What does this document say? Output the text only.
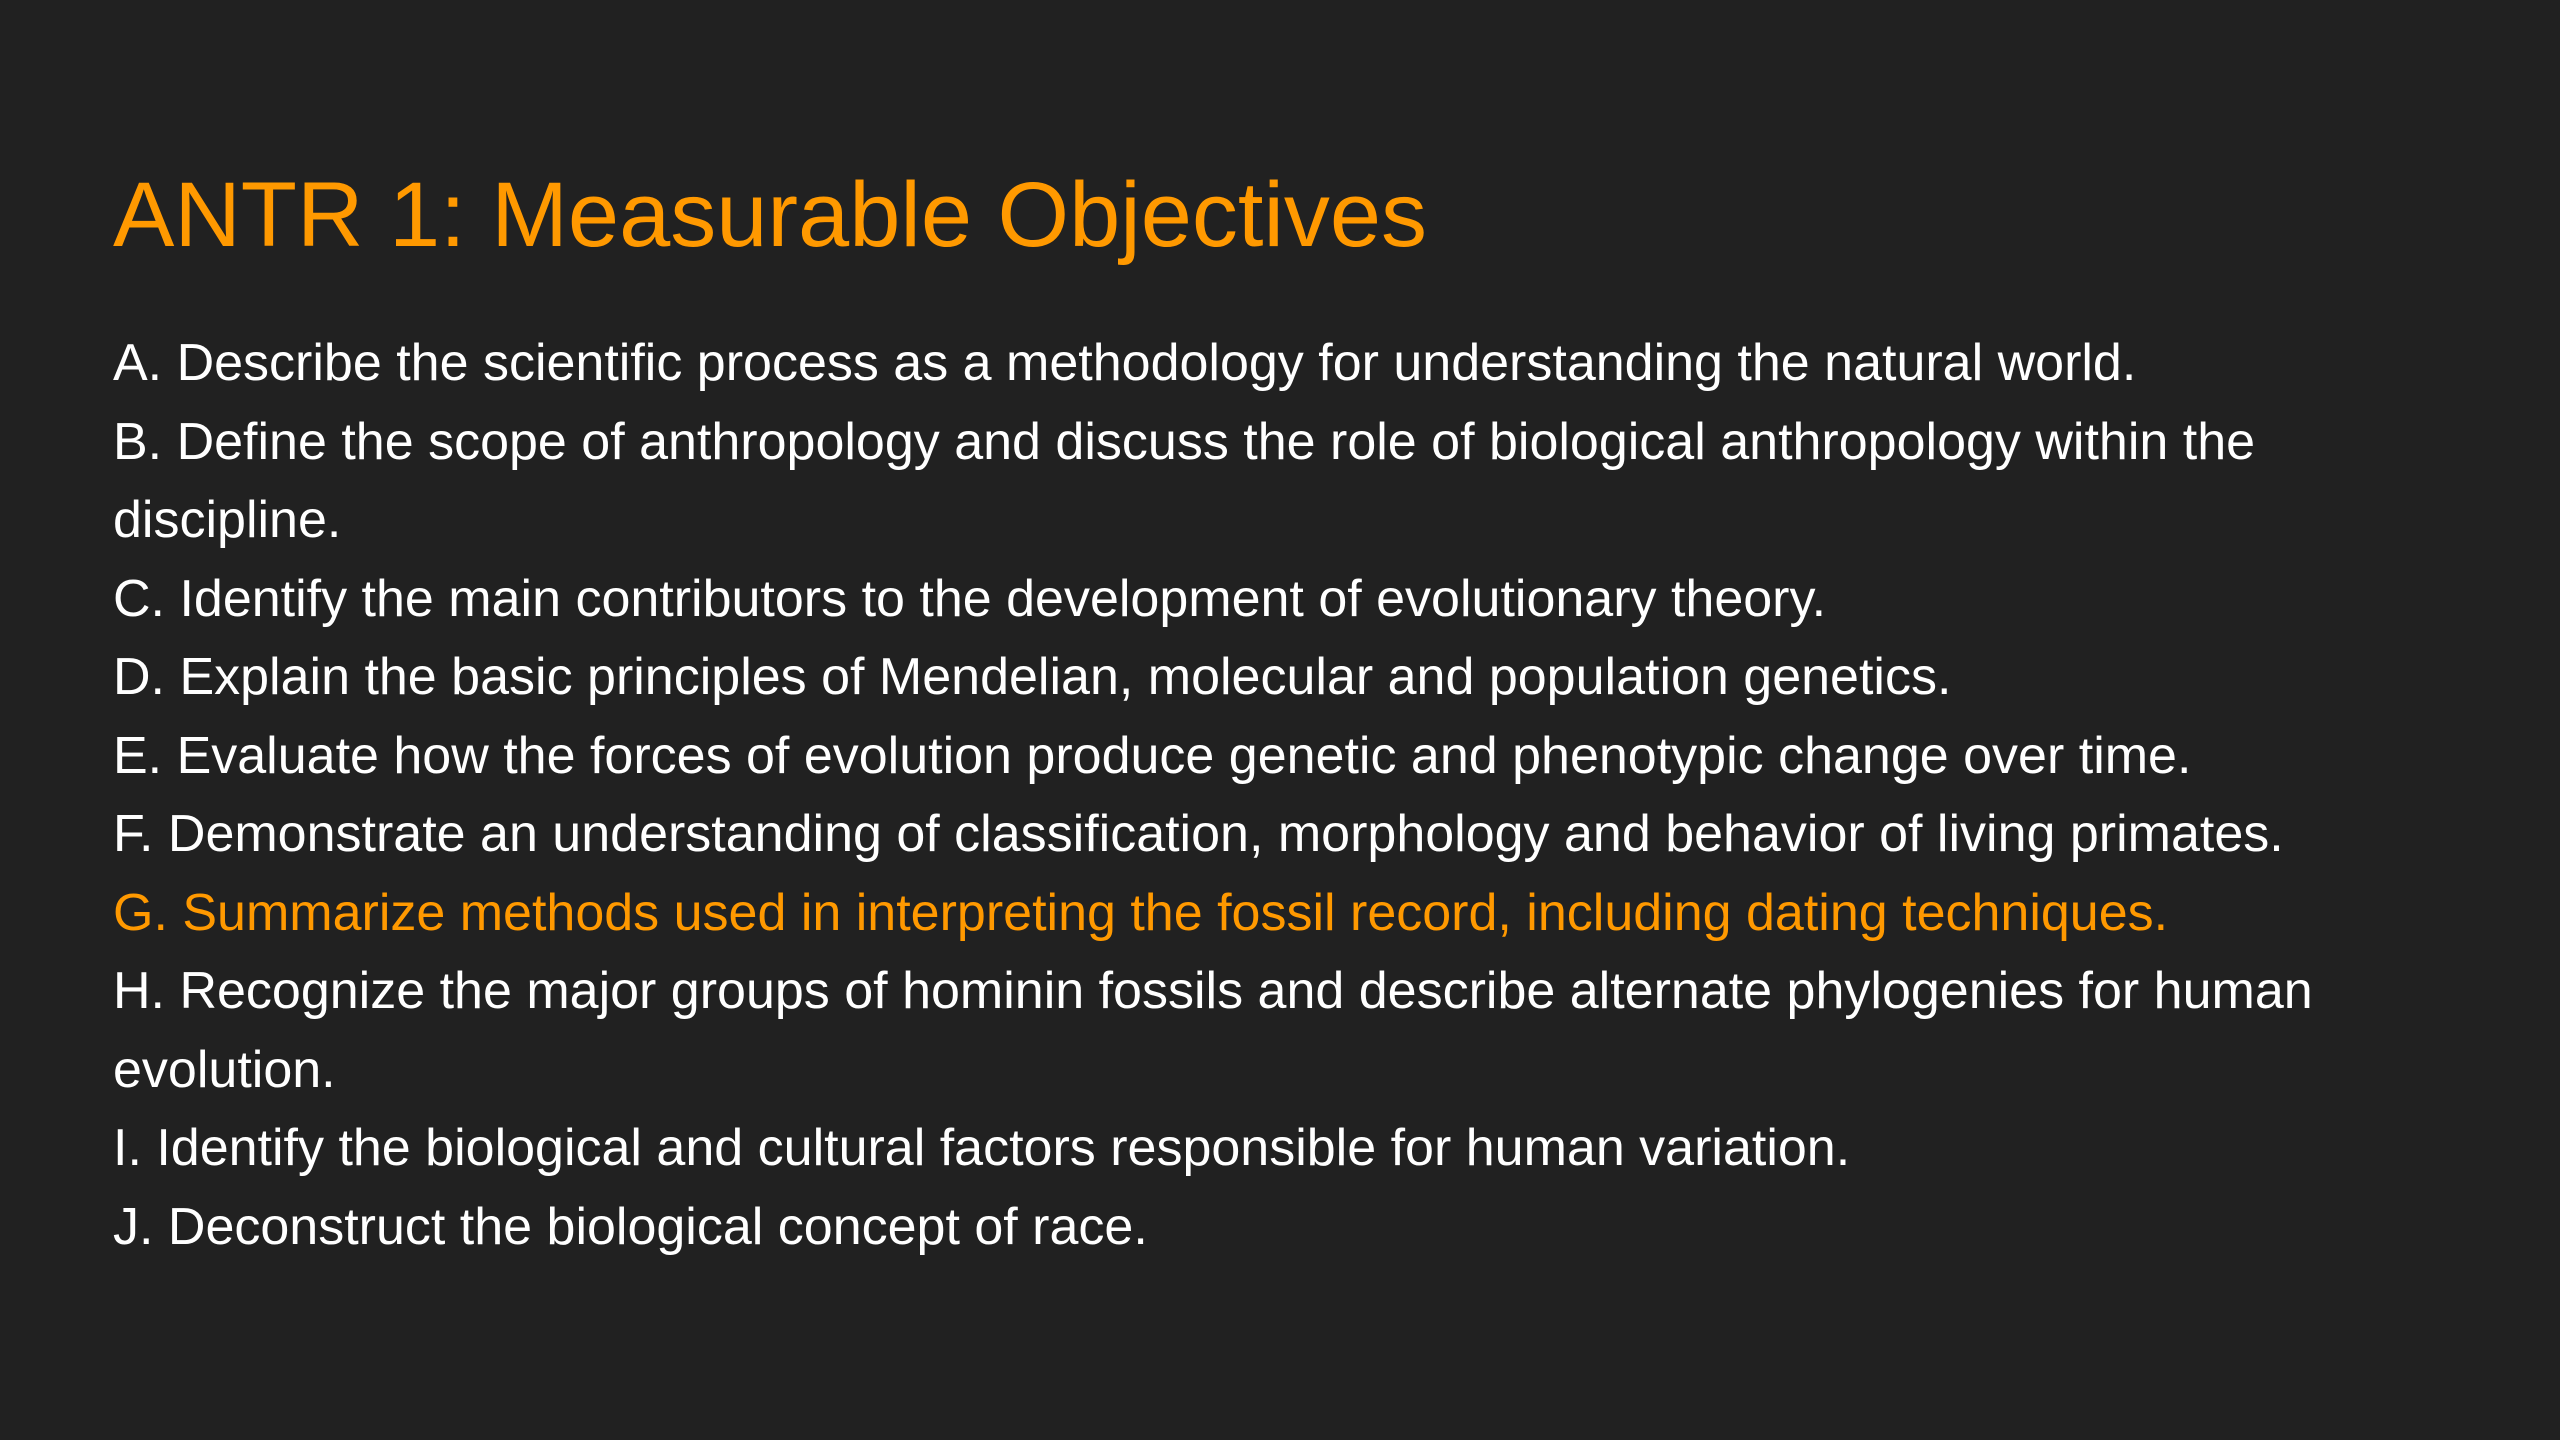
ANTR 1: Measurable Objectives
A. Describe the scientific process as a methodology for understanding the natural world.
B. Define the scope of anthropology and discuss the role of biological anthropology within the discipline.
C. Identify the main contributors to the development of evolutionary theory.
D. Explain the basic principles of Mendelian, molecular and population genetics.
E. Evaluate how the forces of evolution produce genetic and phenotypic change over time.
F. Demonstrate an understanding of classification, morphology and behavior of living primates.
G. Summarize methods used in interpreting the fossil record, including dating techniques.
H. Recognize the major groups of hominin fossils and describe alternate phylogenies for human evolution.
I. Identify the biological and cultural factors responsible for human variation.
J. Deconstruct the biological concept of race.
